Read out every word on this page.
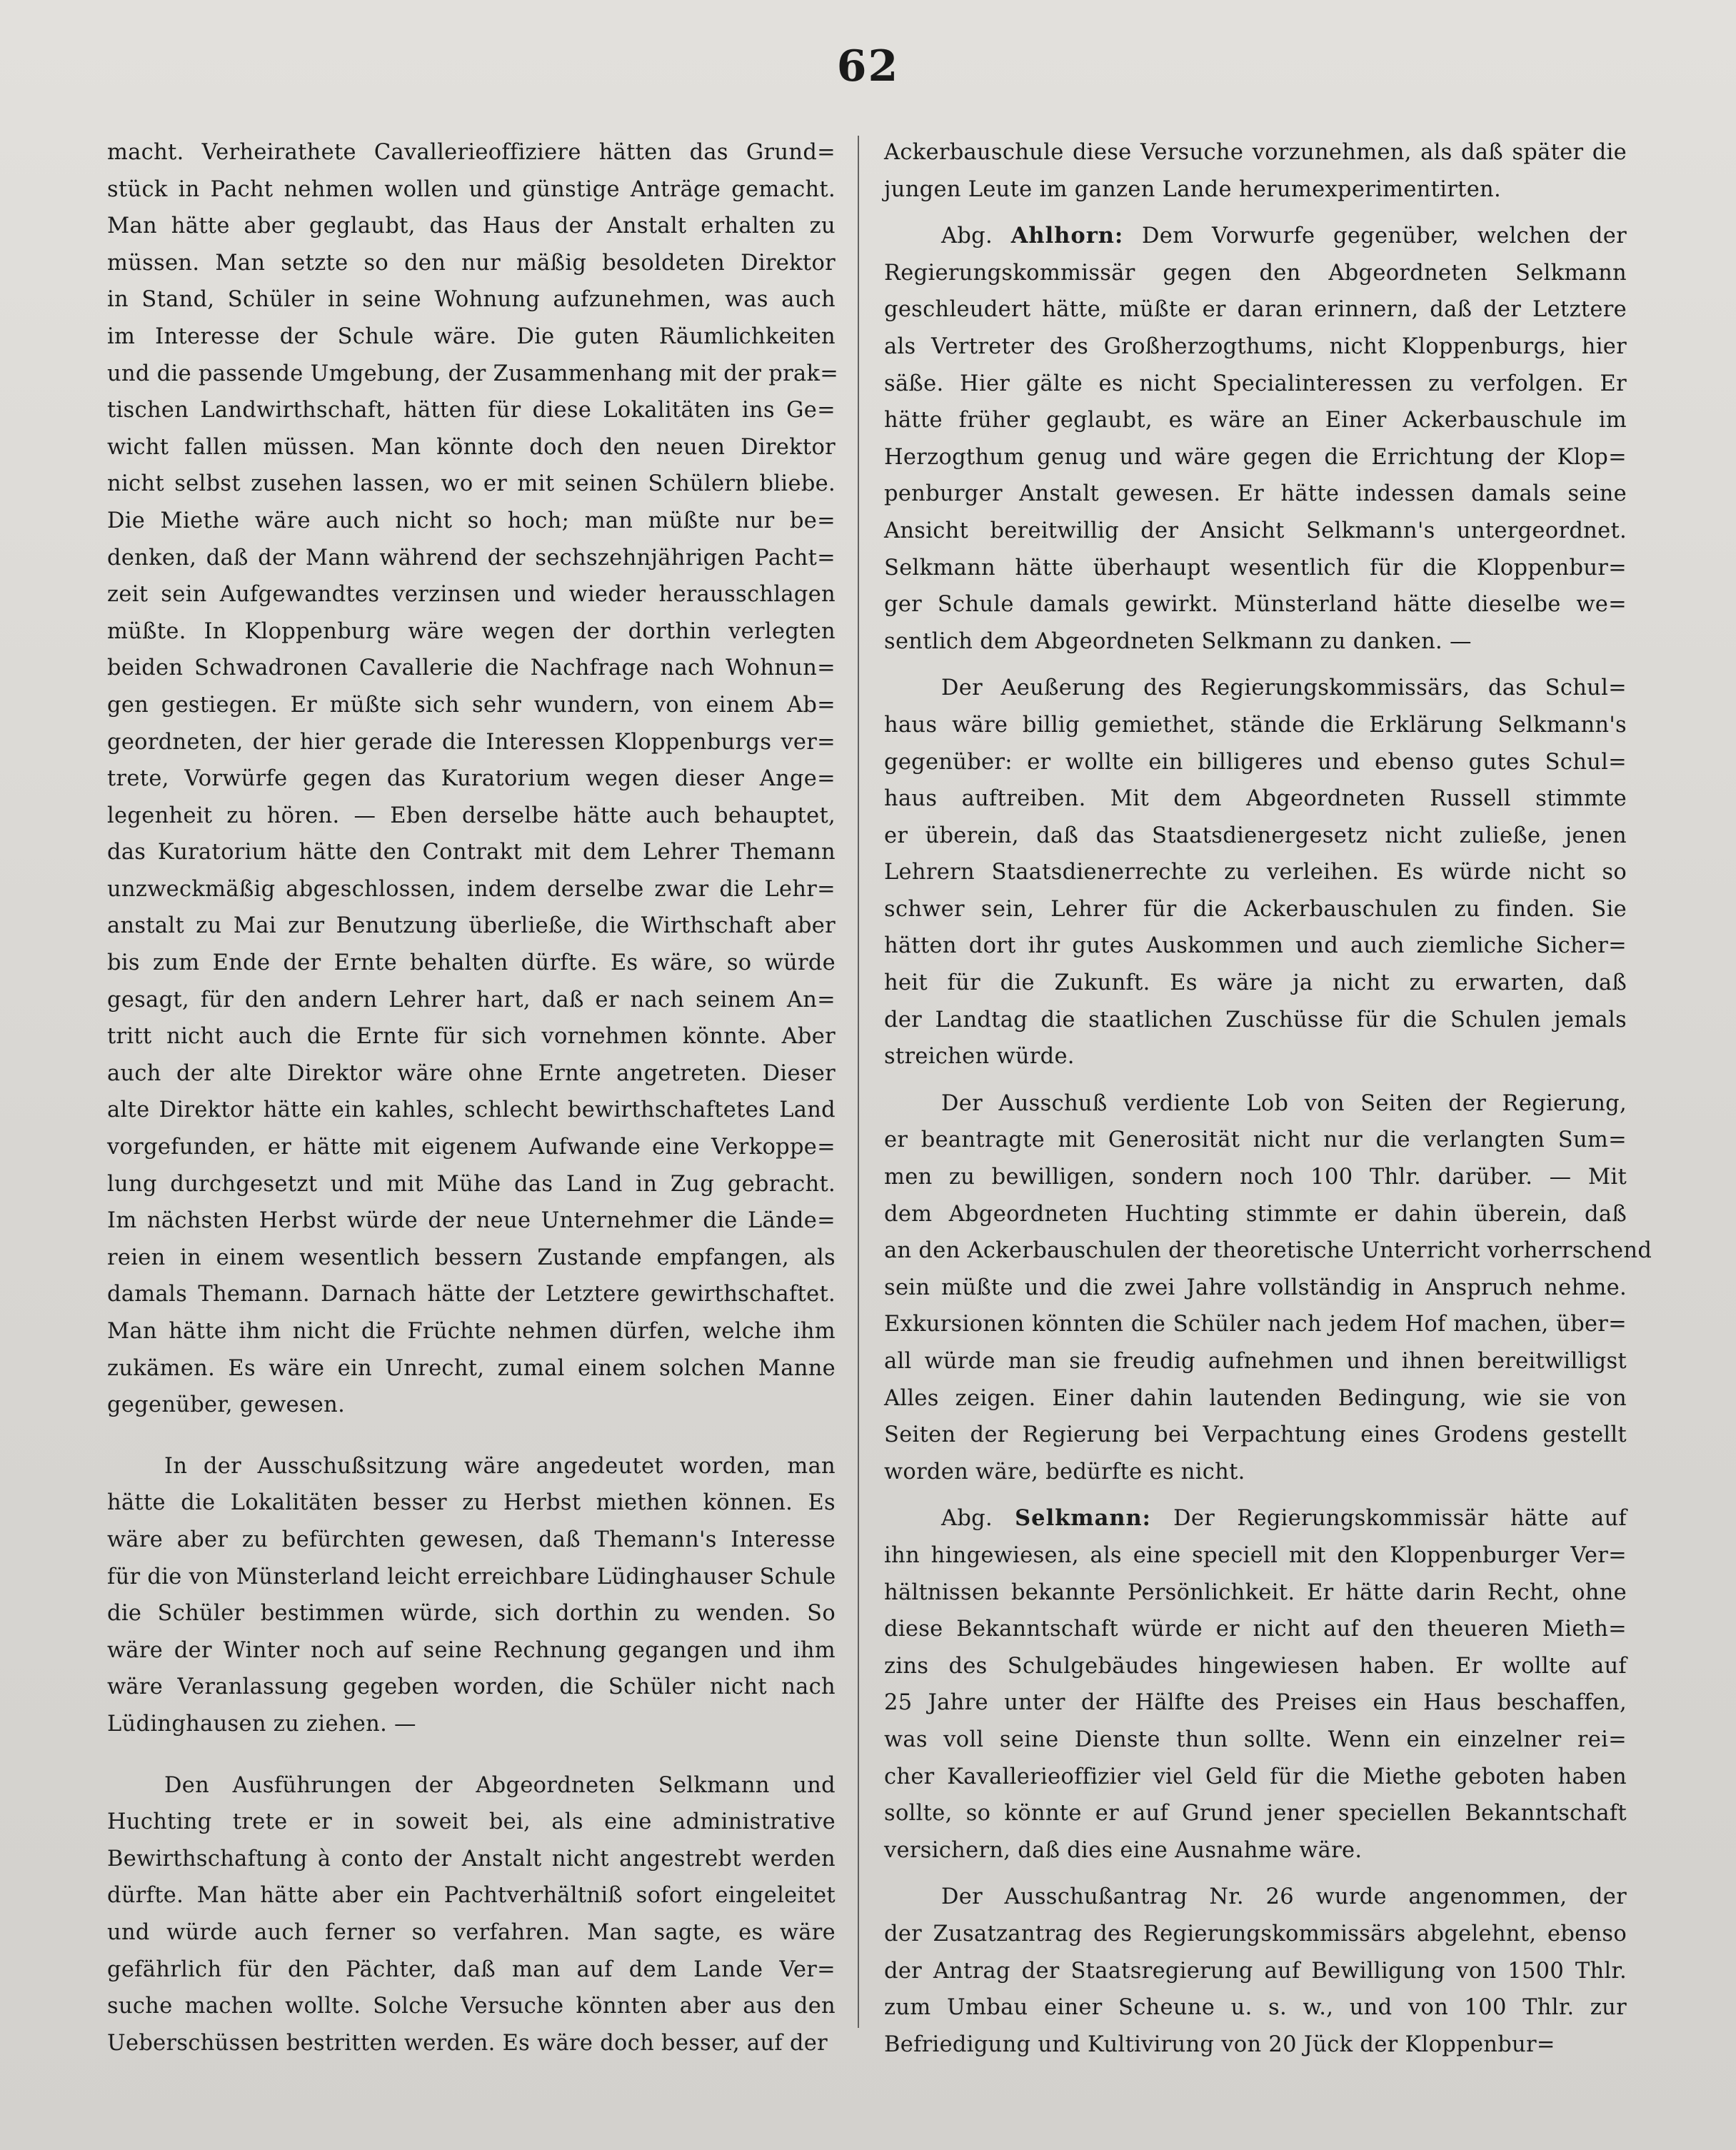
62
macht. Verheirathete Cavallerieoffiziere hätten das Grund=
stück in Pacht nehmen wollen und günstige Anträge gemacht.
Man hätte aber geglaubt, das Haus der Anstalt erhalten zu
müssen. Man setzte so den nur mäßig besoldeten Direktor
in Stand, Schüler in seine Wohnung aufzunehmen, was auch
im Interesse der Schule wäre. Die guten Räumlichkeiten
und die passende Umgebung, der Zusammenhang mit der prak=
tischen Landwirthschaft, hätten für diese Lokalitäten ins Ge=
wicht fallen müssen. Man könnte doch den neuen Direktor
nicht selbst zusehen lassen, wo er mit seinen Schülern bliebe.
Die Miethe wäre auch nicht so hoch; man müßte nur be=
denken, daß der Mann während der sechszehnjährigen Pacht=
zeit sein Aufgewandtes verzinsen und wieder herausschlagen
müßte. In Kloppenburg wäre wegen der dorthin verlegten
beiden Schwadronen Cavallerie die Nachfrage nach Wohnun=
gen gestiegen. Er müßte sich sehr wundern, von einem Ab=
geordneten, der hier gerade die Interessen Kloppenburgs ver=
trete, Vorwürfe gegen das Kuratorium wegen dieser Ange=
legenheit zu hören. — Eben derselbe hätte auch behauptet,
das Kuratorium hätte den Contrakt mit dem Lehrer Themann
unzweckmäßig abgeschlossen, indem derselbe zwar die Lehr=
anstalt zu Mai zur Benutzung überließe, die Wirthschaft aber
bis zum Ende der Ernte behalten dürfte. Es wäre, so würde
gesagt, für den andern Lehrer hart, daß er nach seinem An=
tritt nicht auch die Ernte für sich vornehmen könnte. Aber
auch der alte Direktor wäre ohne Ernte angetreten. Dieser
alte Direktor hätte ein kahles, schlecht bewirthschaftetes Land
vorgefunden, er hätte mit eigenem Aufwande eine Verkoppe=
lung durchgesetzt und mit Mühe das Land in Zug gebracht.
Im nächsten Herbst würde der neue Unternehmer die Lände=
reien in einem wesentlich bessern Zustande empfangen, als
damals Themann. Darnach hätte der Letztere gewirthschaftet.
Man hätte ihm nicht die Früchte nehmen dürfen, welche ihm
zukämen. Es wäre ein Unrecht, zumal einem solchen Manne
gegenüber, gewesen.
In der Ausschußsitzung wäre angedeutet worden, man
hätte die Lokalitäten besser zu Herbst miethen können. Es
wäre aber zu befürchten gewesen, daß Themann's Interesse
für die von Münsterland leicht erreichbare Lüdinghauser Schule
die Schüler bestimmen würde, sich dorthin zu wenden. So
wäre der Winter noch auf seine Rechnung gegangen und ihm
wäre Veranlassung gegeben worden, die Schüler nicht nach
Lüdinghausen zu ziehen. —
Den Ausführungen der Abgeordneten Selkmann und
Huchting trete er in soweit bei, als eine administrative
Bewirthschaftung à conto der Anstalt nicht angestrebt werden
dürfte. Man hätte aber ein Pachtverhältniß sofort eingeleitet
und würde auch ferner so verfahren. Man sagte, es wäre
gefährlich für den Pächter, daß man auf dem Lande Ver=
suche machen wollte. Solche Versuche könnten aber aus den
Ueberschüssen bestritten werden. Es wäre doch besser, auf der
Ackerbauschule diese Versuche vorzunehmen, als daß später die
jungen Leute im ganzen Lande herumexperimentirten.
Abg. Ahlhorn: Dem Vorwurfe gegenüber, welchen der
Regierungskommissär gegen den Abgeordneten Selkmann
geschleudert hätte, müßte er daran erinnern, daß der Letztere
als Vertreter des Großherzogthums, nicht Kloppenburgs, hier
säße. Hier gälte es nicht Specialinteressen zu verfolgen. Er
hätte früher geglaubt, es wäre an Einer Ackerbauschule im
Herzogthum genug und wäre gegen die Errichtung der Klop=
penburger Anstalt gewesen. Er hätte indessen damals seine
Ansicht bereitwillig der Ansicht Selkmann's untergeordnet.
Selkmann hätte überhaupt wesentlich für die Kloppenbur=
ger Schule damals gewirkt. Münsterland hätte dieselbe we=
sentlich dem Abgeordneten Selkmann zu danken. —
Der Aeußerung des Regierungskommissärs, das Schul=
haus wäre billig gemiethet, stände die Erklärung Selkmann's
gegenüber: er wollte ein billigeres und ebenso gutes Schul=
haus auftreiben. Mit dem Abgeordneten Russell stimmte
er überein, daß das Staatsdienergesetz nicht zuließe, jenen
Lehrern Staatsdienerrechte zu verleihen. Es würde nicht so
schwer sein, Lehrer für die Ackerbauschulen zu finden. Sie
hätten dort ihr gutes Auskommen und auch ziemliche Sicher=
heit für die Zukunft. Es wäre ja nicht zu erwarten, daß
der Landtag die staatlichen Zuschüsse für die Schulen jemals
streichen würde.
Der Ausschuß verdiente Lob von Seiten der Regierung,
er beantragte mit Generosität nicht nur die verlangten Sum=
men zu bewilligen, sondern noch 100 Thlr. darüber. — Mit
dem Abgeordneten Huchting stimmte er dahin überein, daß
an den Ackerbauschulen der theoretische Unterricht vorherrschend
sein müßte und die zwei Jahre vollständig in Anspruch nehme.
Exkursionen könnten die Schüler nach jedem Hof machen, über=
all würde man sie freudig aufnehmen und ihnen bereitwilligst
Alles zeigen. Einer dahin lautenden Bedingung, wie sie von
Seiten der Regierung bei Verpachtung eines Grodens gestellt
worden wäre, bedürfte es nicht.
Abg. Selkmann: Der Regierungskommissär hätte auf
ihn hingewiesen, als eine speciell mit den Kloppenburger Ver=
hältnissen bekannte Persönlichkeit. Er hätte darin Recht, ohne
diese Bekanntschaft würde er nicht auf den theueren Mieth=
zins des Schulgebäudes hingewiesen haben. Er wollte auf
25 Jahre unter der Hälfte des Preises ein Haus beschaffen,
was voll seine Dienste thun sollte. Wenn ein einzelner rei=
cher Kavallerieoffizier viel Geld für die Miethe geboten haben
sollte, so könnte er auf Grund jener speciellen Bekanntschaft
versichern, daß dies eine Ausnahme wäre.
Der Ausschußantrag Nr. 26 wurde angenommen, der
der Zusatzantrag des Regierungskommissärs abgelehnt, ebenso
der Antrag der Staatsregierung auf Bewilligung von 1500 Thlr.
zum Umbau einer Scheune u. s. w., und von 100 Thlr. zur
Befriedigung und Kultivirung von 20 Jück der Kloppenbur=
